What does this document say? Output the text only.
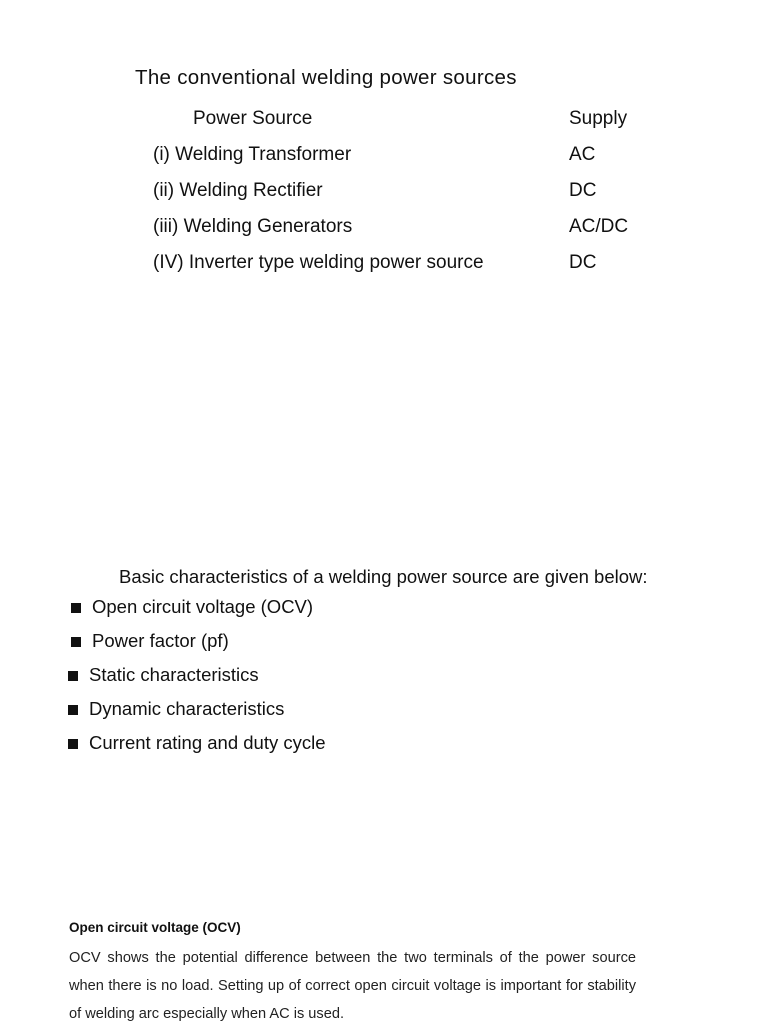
The conventional welding power sources
Power Source	Supply
(i) Welding Transformer	AC
(ii) Welding Rectifier	DC
(iii) Welding Generators	AC/DC
(IV) Inverter type welding power source	DC
Basic characteristics of a welding power source are given below:
Open circuit voltage (OCV)
Power factor (pf)
Static characteristics
Dynamic characteristics
Current rating and duty cycle
Open circuit voltage (OCV)

OCV shows the potential difference between the two terminals of the power source when there is no load. Setting up of correct open circuit voltage is important for stability of welding arc especially when AC is used.
